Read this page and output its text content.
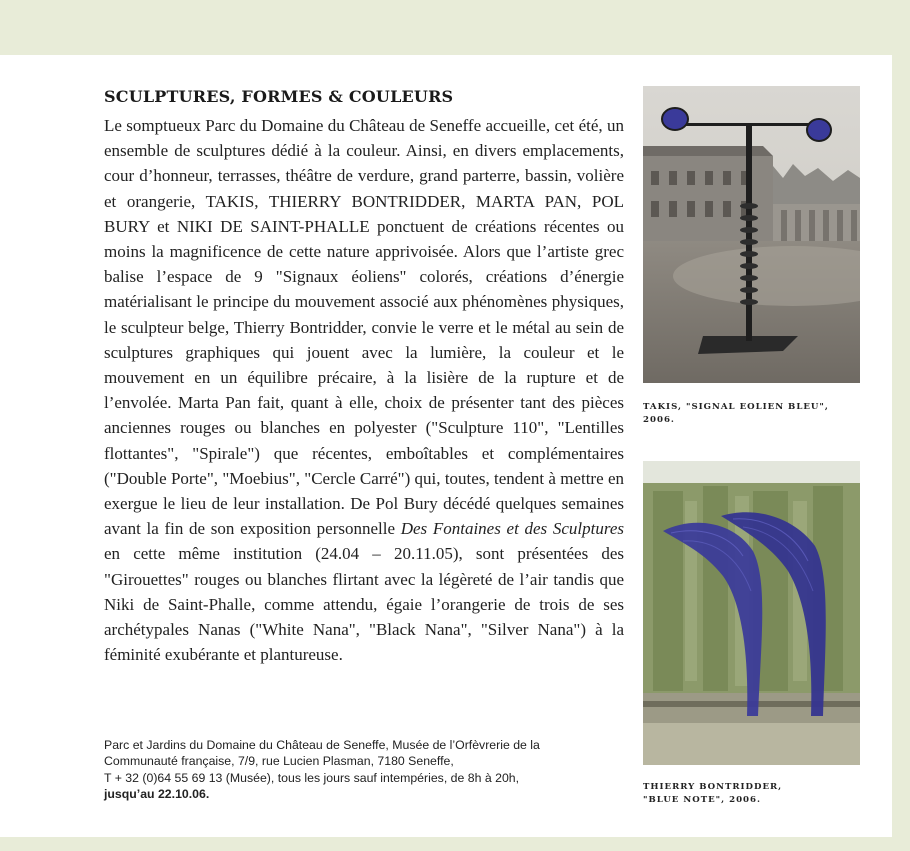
SCULPTURES, FORMES & COULEURS

Le somptueux Parc du Domaine du Château de Seneffe accueille, cet été, un ensemble de sculptures dédié à la couleur. Ainsi, en divers emplacements, cour d’honneur, terrasses, théâtre de verdure, grand parterre, bassin, volière et orangerie, TAKIS, THIERRY BONTRIDDER, MARTA PAN, POL BURY et NIKI DE SAINT-PHALLE ponctuent de créations récentes ou moins la magnificence de cette nature apprivoisée. Alors que l’artiste grec balise l’espace de 9 "Signaux éoliens" colorés, créations d’énergie matérialisant le principe du mouvement associé aux phénomènes physiques, le sculpteur belge, Thierry Bontridder, convie le verre et le métal au sein de sculptures graphiques qui jouent avec la lumière, la couleur et le mouvement en un équilibre précaire, à la lisière de la rupture et de l’envolée. Marta Pan fait, quant à elle, choix de présenter tant des pièces anciennes rouges ou blanches en polyester ("Sculpture 110", "Lentilles flottantes", "Spirale") que récentes, emboîtables et complémentaires ("Double Porte", "Moebius", "Cercle Carré") qui, toutes, tendent à mettre en exergue le lieu de leur installation. De Pol Bury décédé quelques semaines avant la fin de son exposition personnelle Des Fontaines et des Sculptures en cette même institution (24.04 – 20.11.05), sont présentées des "Girouettes" rouges ou blanches flirtant avec la légèreté de l’air tandis que Niki de Saint-Phalle, comme attendu, égaie l’orangerie de trois de ses archétypales Nanas ("White Nana", "Black Nana", "Silver Nana") à la féminité exubérante et plantureuse.

Parc et Jardins du Domaine du Château de Seneffe, Musée de l’Orfèvrerie de la
Communauté française, 7/9, rue Lucien Plasman, 7180 Seneffe,
T + 32 (0)64 55 69 13 (Musée), tous les jours sauf intempéries, de 8h à 20h,
jusqu’au 22.10.06.
TAKIS, "SIGNAL EOLIEN BLEU",
2006.
THIERRY BONTRIDDER,
"BLUE NOTE", 2006.
